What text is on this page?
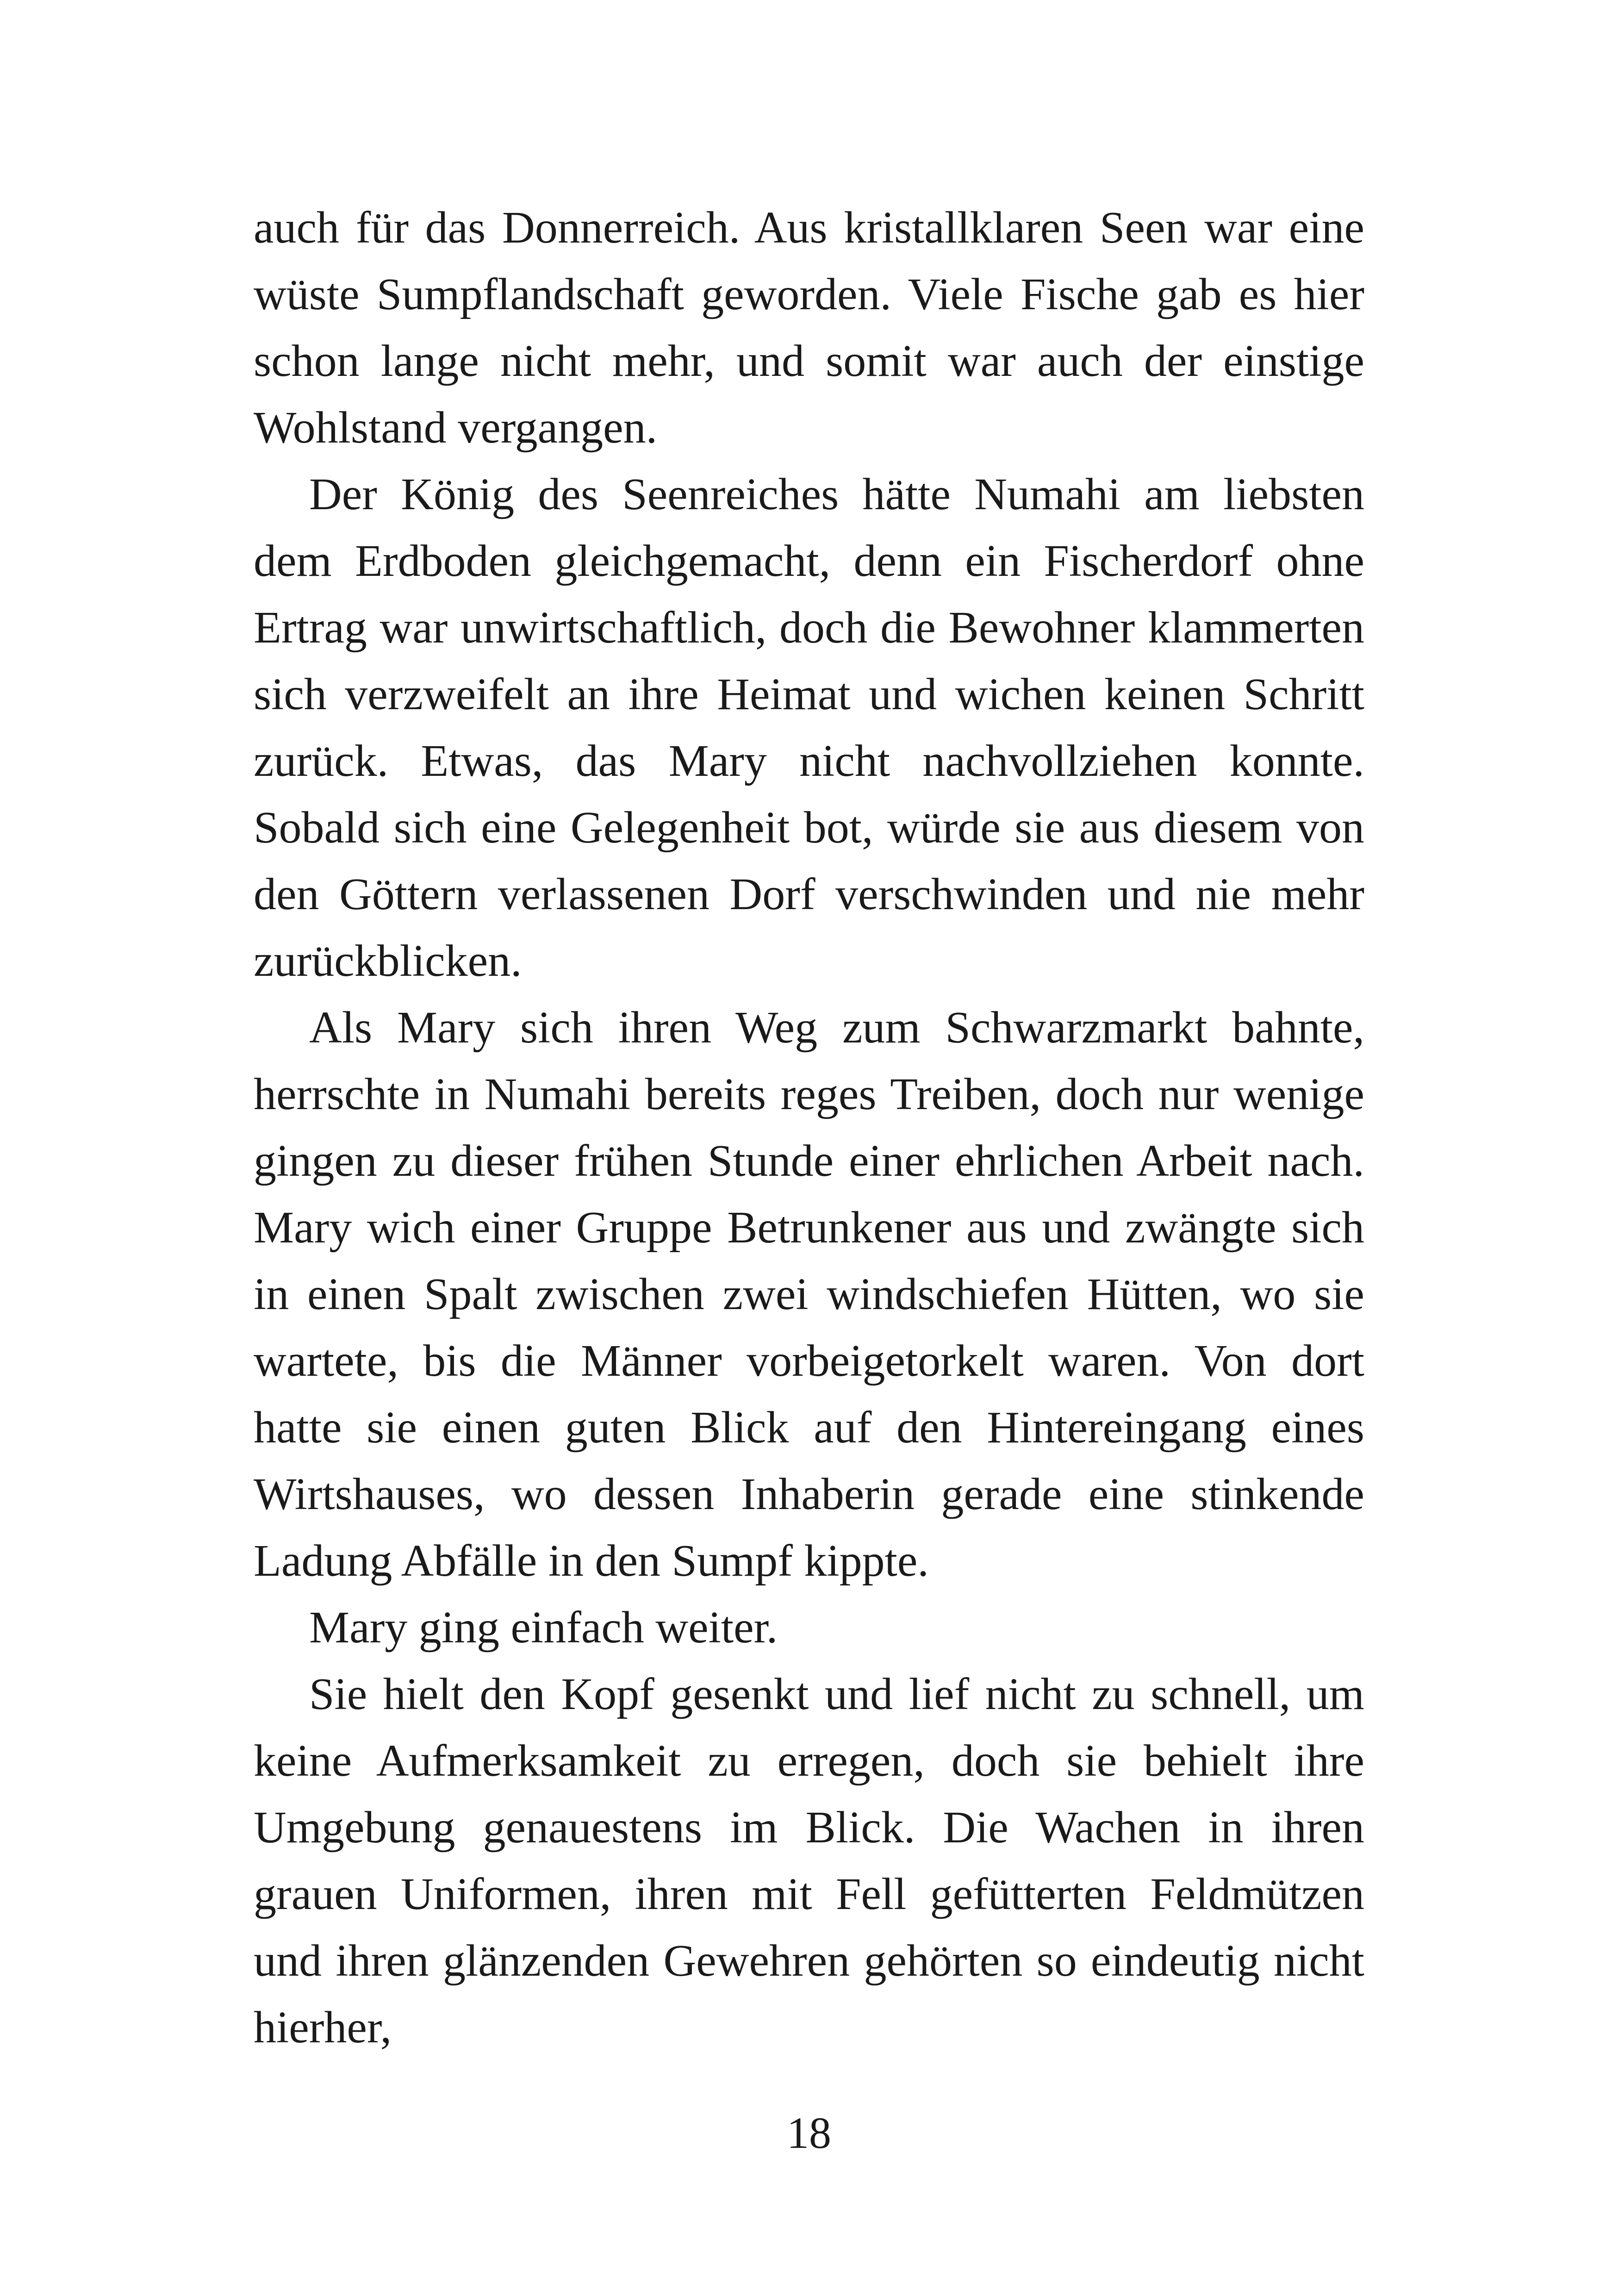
auch für das Donnerreich. Aus kristallklaren Seen war eine wüste Sumpflandschaft geworden. Viele Fische gab es hier schon lange nicht mehr, und somit war auch der einstige Wohlstand vergangen.

Der König des Seenreiches hätte Numahi am liebsten dem Erdboden gleichgemacht, denn ein Fischerdorf ohne Ertrag war unwirtschaftlich, doch die Bewohner klammerten sich verzweifelt an ihre Heimat und wichen keinen Schritt zurück. Etwas, das Mary nicht nachvollziehen konnte. Sobald sich eine Gelegenheit bot, würde sie aus diesem von den Göttern verlassenen Dorf verschwinden und nie mehr zurückblicken.

Als Mary sich ihren Weg zum Schwarzmarkt bahnte, herrschte in Numahi bereits reges Treiben, doch nur wenige gingen zu dieser frühen Stunde einer ehrlichen Arbeit nach. Mary wich einer Gruppe Betrunkener aus und zwängte sich in einen Spalt zwischen zwei windschiefen Hütten, wo sie wartete, bis die Männer vorbeigetorkelt waren. Von dort hatte sie einen guten Blick auf den Hintereingang eines Wirtshauses, wo dessen Inhaberin gerade eine stinkende Ladung Abfälle in den Sumpf kippte.

Mary ging einfach weiter.

Sie hielt den Kopf gesenkt und lief nicht zu schnell, um keine Aufmerksamkeit zu erregen, doch sie behielt ihre Umgebung genauestens im Blick. Die Wachen in ihren grauen Uniformen, ihren mit Fell gefütterten Feldmützen und ihren glänzenden Gewehren gehörten so eindeutig nicht hierher,

18
